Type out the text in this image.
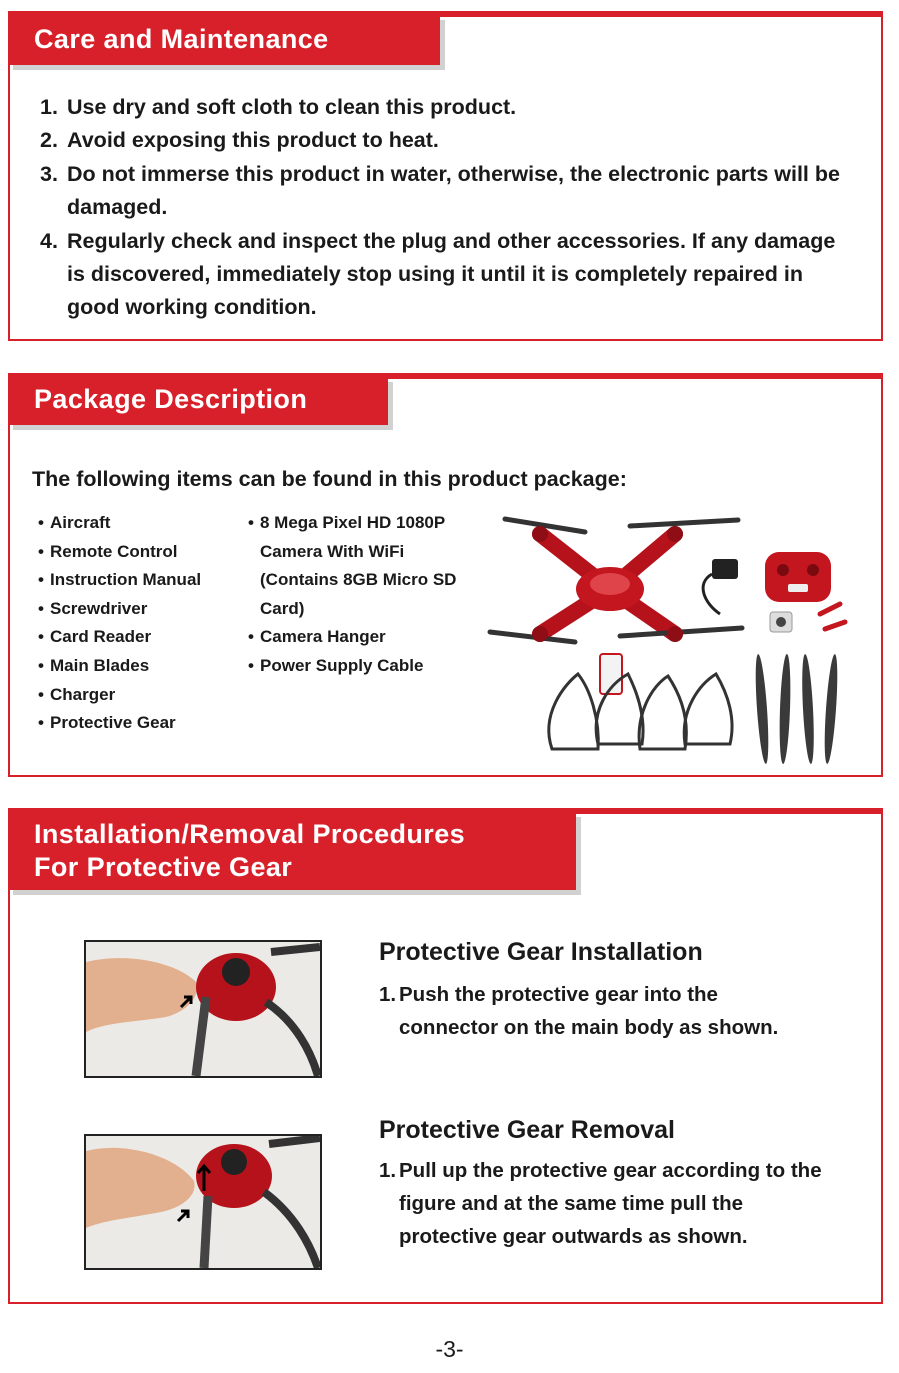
Care and Maintenance
1. Use dry and soft cloth to clean this product.
2. Avoid exposing this product to heat.
3. Do not immerse this product in water, otherwise, the electronic parts will be damaged.
4. Regularly check and inspect the plug and other accessories. If any damage is discovered, immediately stop using it until it is completely repaired in good working condition.
Package Description
The following items can be found in this product package:
• Aircraft
• Remote Control
• Instruction Manual
• Screwdriver
• Card Reader
• Main Blades
• Charger
• Protective Gear
• 8 Mega Pixel HD 1080P Camera With WiFi (Contains 8GB Micro SD Card)
• Camera Hanger
• Power Supply Cable
Installation/Removal Procedures
For Protective Gear
Protective Gear Installation
1. Push the protective gear into the connector on the main body as shown.
Protective Gear Removal
1. Pull up the protective gear according to the figure and at the same time pull the protective gear outwards as shown.
-3-
